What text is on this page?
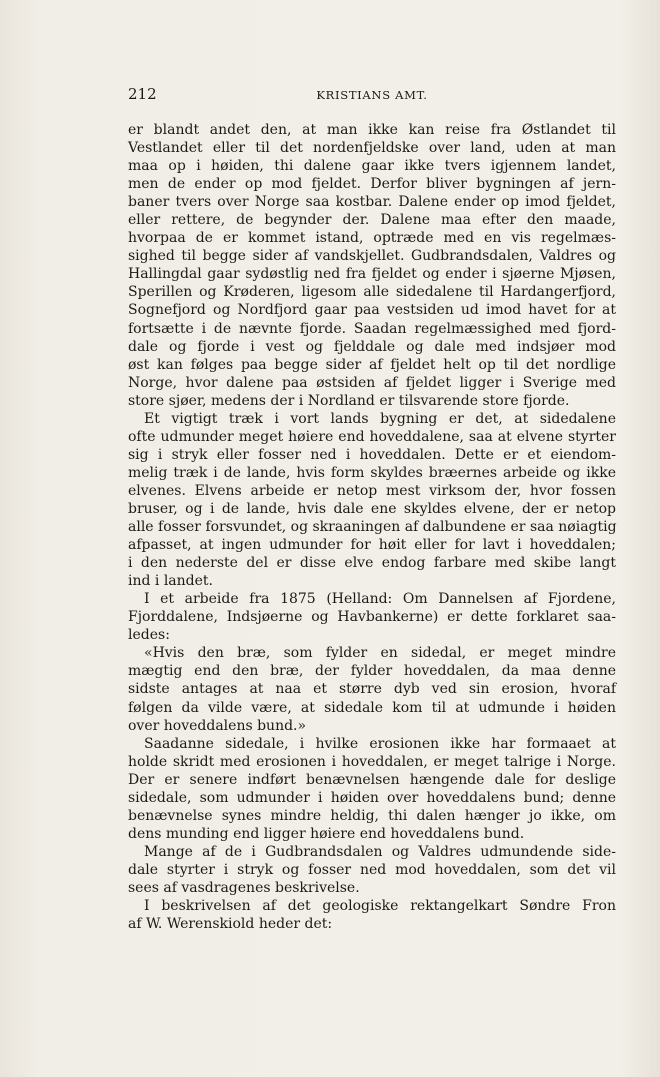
212	KRISTIANS AMT.
er blandt andet den, at man ikke kan reise fra Østlandet til
Vestlandet eller til det nordenfjeldske over land, uden at man
maa op i høiden, thi dalene gaar ikke tvers igjennem landet,
men de ender op mod fjeldet. Derfor bliver bygningen af jern-
baner tvers over Norge saa kostbar. Dalene ender op imod fjeldet,
eller rettere, de begynder der. Dalene maa efter den maade,
hvorpaa de er kommet istand, optræde med en vis regelmæs-
sighed til begge sider af vandskjellet. Gudbrandsdalen, Valdres og
Hallingdal gaar sydøstlig ned fra fjeldet og ender i sjøerne Mjøsen,
Sperillen og Krøderen, ligesom alle sidedalene til Hardangerfjord,
Sognefjord og Nordfjord gaar paa vestsiden ud imod havet for at
fortsætte i de nævnte fjorde. Saadan regelmæssighed med fjord-
dale og fjorde i vest og fjelddale og dale med indsjøer mod
øst kan følges paa begge sider af fjeldet helt op til det nordlige
Norge, hvor dalene paa østsiden af fjeldet ligger i Sverige med
store sjøer, medens der i Nordland er tilsvarende store fjorde.
Et vigtigt træk i vort lands bygning er det, at sidedalene
ofte udmunder meget høiere end hoveddalene, saa at elvene styrter
sig i stryk eller fosser ned i hoveddalen. Dette er et eiendom-
melig træk i de lande, hvis form skyldes bræernes arbeide og ikke
elvenes. Elvens arbeide er netop mest virksom der, hvor fossen
bruser, og i de lande, hvis dale ene skyldes elvene, der er netop
alle fosser forsvundet, og skraaningen af dalbundene er saa nøiagtig
afpasset, at ingen udmunder for høit eller for lavt i hoveddalen;
i den nederste del er disse elve endog farbare med skibe langt
ind i landet.
I et arbeide fra 1875 (Helland: Om Dannelsen af Fjordene,
Fjorddalene, Indsjøerne og Havbankerne) er dette forklaret saa-
ledes:
«Hvis den bræ, som fylder en sidedal, er meget mindre
mægtig end den bræ, der fylder hoveddalen, da maa denne
sidste antages at naa et større dyb ved sin erosion, hvoraf
følgen da vilde være, at sidedale kom til at udmunde i høiden
over hoveddalens bund.»
Saadanne sidedale, i hvilke erosionen ikke har formaaet at
holde skridt med erosionen i hoveddalen, er meget talrige i Norge.
Der er senere indført benævnelsen hængende dale for deslige
sidedale, som udmunder i høiden over hoveddalens bund; denne
benævnelse synes mindre heldig, thi dalen hænger jo ikke, om
dens munding end ligger høiere end hoveddalens bund.
Mange af de i Gudbrandsdalen og Valdres udmundende side-
dale styrter i stryk og fosser ned mod hoveddalen, som det vil
sees af vasdragenes beskrivelse.
I beskrivelsen af det geologiske rektangelkart Søndre Fron
af W. Werenskiold heder det:
